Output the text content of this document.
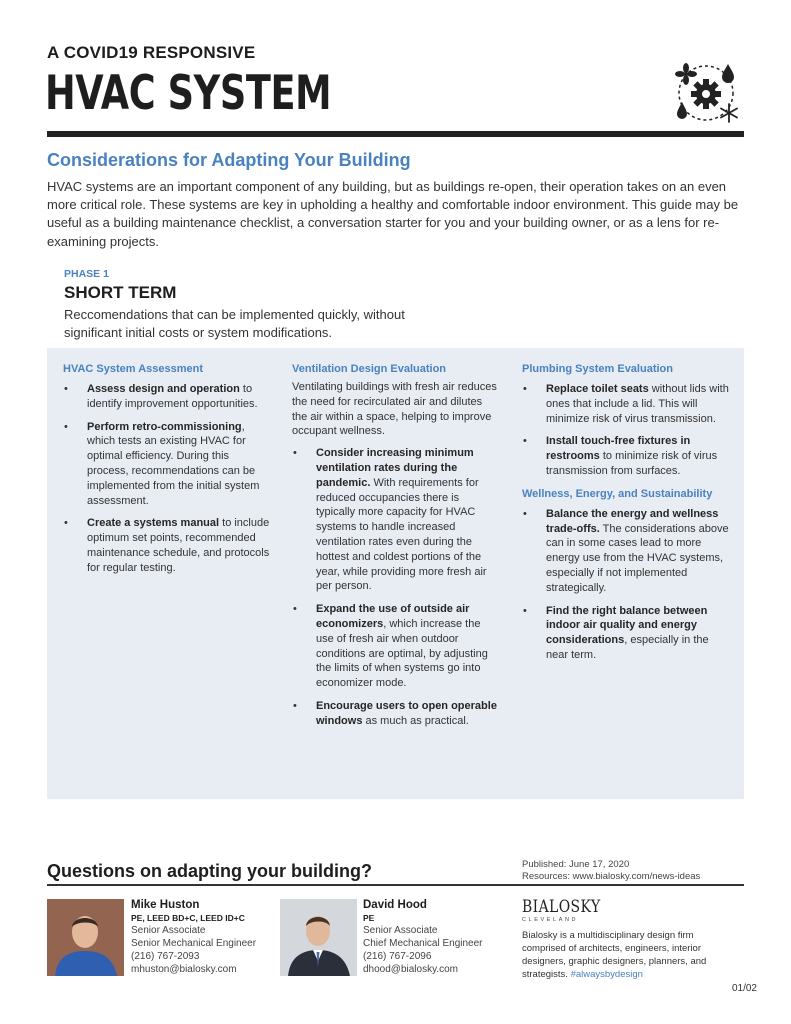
A COVID19 RESPONSIVE
HVAC SYSTEM
Considerations for Adapting Your Building

HVAC systems are an important component of any building, but as buildings re-open, their operation takes on an even more critical role. These systems are key in upholding a healthy and comfortable indoor environment. This guide may be useful as a building maintenance checklist, a conversation starter for you and your building owner, or as a lens for re-examining projects.

PHASE 1
SHORT TERM

Reccomendations that can be implemented quickly, without significant initial costs or system modifications.

HVAC System Assessment
• Assess design and operation to identify improvement opportunities.
• Perform retro-commissioning, which tests an existing HVAC for optimal efficiency. During this process, recommendations can be implemented from the initial system assessment.
• Create a systems manual to include optimum set points, recommended maintenance schedule, and protocols for regular testing.
Ventilation Design Evaluation

Ventilating buildings with fresh air reduces the need for recirculated air and dilutes the air within a space, helping to improve occupant wellness.

• Consider increasing minimum ventilation rates during the pandemic. With requirements for reduced occupancies there is typically more capacity for HVAC systems to handle increased ventilation rates even during the hottest and coldest portions of the year, while providing more fresh air per person.
• Expand the use of outside air economizers, which increase the use of fresh air when outdoor conditions are optimal, by adjusting the limits of when systems go into economizer mode.
• Encourage users to open operable windows as much as practical.
Plumbing System Evaluation
• Replace toilet seats without lids with ones that include a lid. This will minimize risk of virus transmission.
• Install touch-free fixtures in restrooms to minimize risk of virus transmission from surfaces.
Wellness, Energy, and Sustainability
• Balance the energy and wellness trade-offs. The considerations above can in some cases lead to more energy use from the HVAC systems, especially if not implemented strategically.
• Find the right balance between indoor air quality and energy considerations, especially in the near term.
Questions on adapting your building?	Published: June 17, 2020
Resources: www.bialosky.com/news-ideas
Mike Huston
PE, LEED BD+C, LEED ID+C
Senior Associate
Senior Mechanical Engineer
(216) 767-2093
mhuston@bialosky.com
David Hood
PE
Senior Associate
Chief Mechanical Engineer
(216) 767-2096
dhood@bialosky.com
BIALOSKY
CLEVELAND

Bialosky is a multidisciplinary design firm comprised of architects, engineers, interior designers, graphic designers, planners, and strategists. #alwaysbydesign

01/02
